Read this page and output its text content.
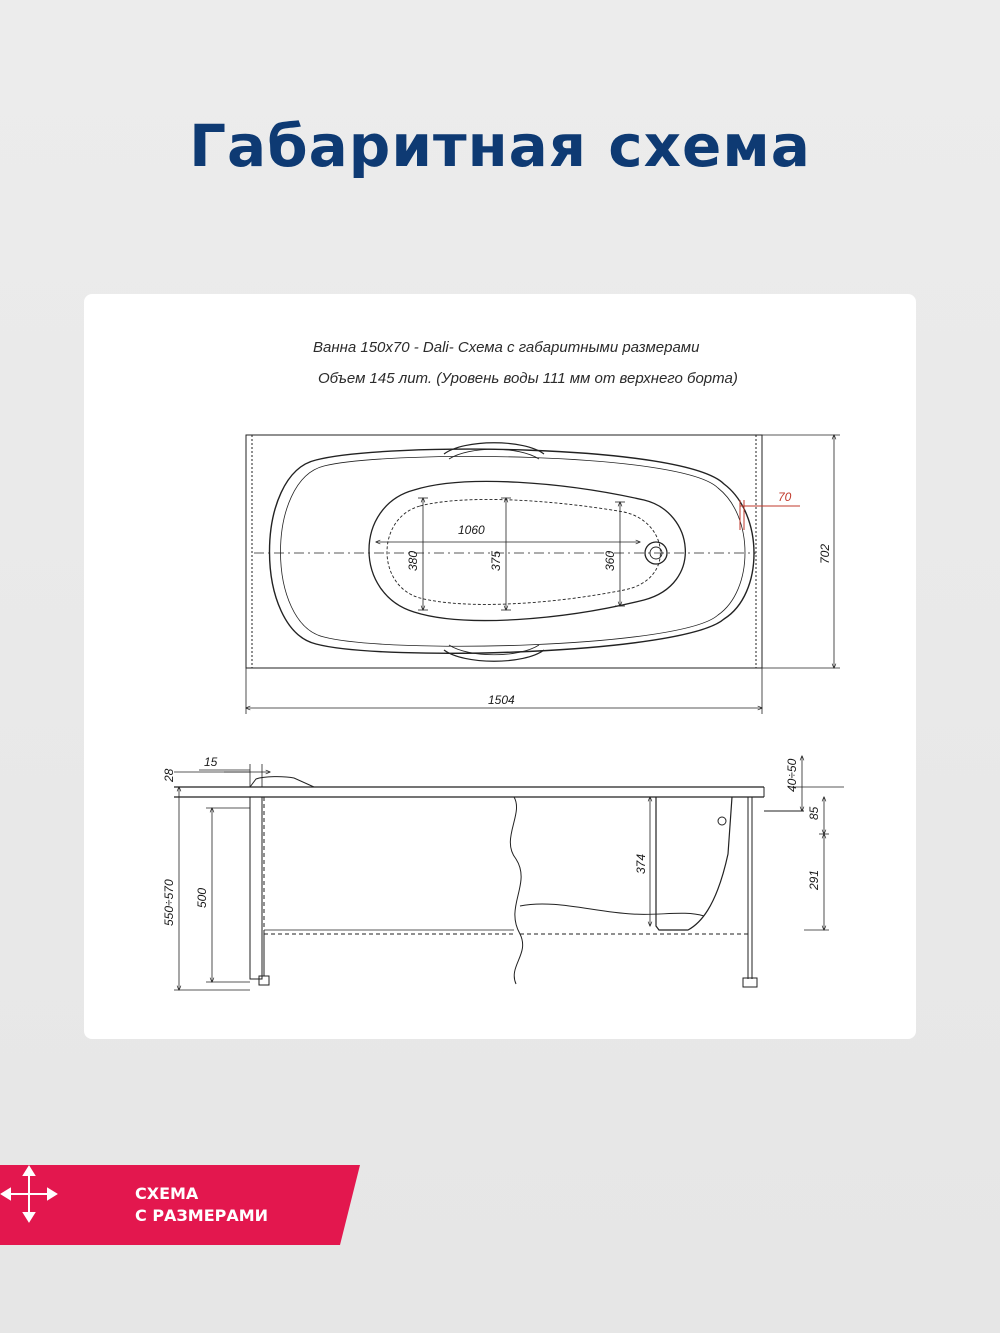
Габаритная схема
Ванна 150х70 - Dali- Схема с габаритными размерами
Объем 145 лит. (Уровень воды 111 мм от верхнего борта)
1060
380	375	360	702
1504
70
28
15
550÷570 500
374
40÷50
85
291
СХЕМА
С РАЗМЕРАМИ
